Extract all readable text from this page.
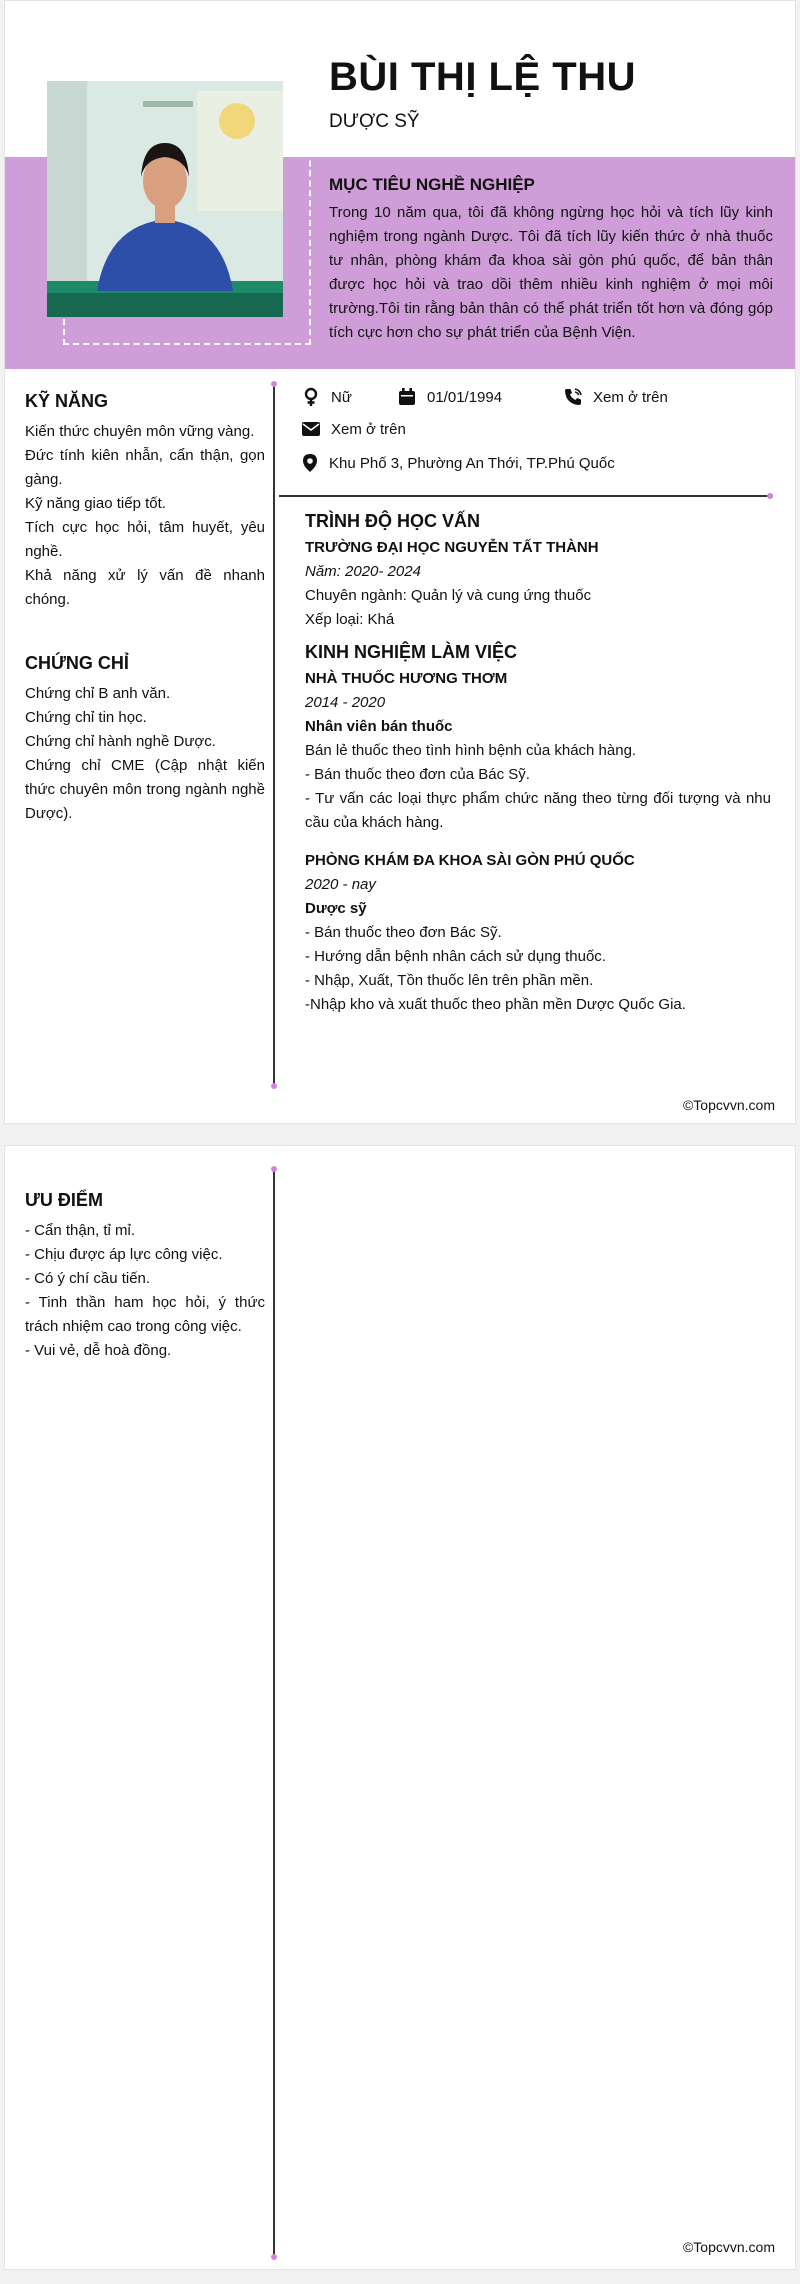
BÙI THỊ LỆ THU
DƯỢC SỸ
MỤC TIÊU NGHỀ NGHIỆP
Trong 10 năm qua, tôi đã không ngừng học hỏi và tích lũy kinh nghiệm trong ngành Dược. Tôi đã tích lũy kiến thức ở nhà thuốc tư nhân, phòng khám đa khoa sài gòn phú quốc, để bản thân được học hỏi và trao dồi thêm nhiều kinh nghiệm ở mọi môi trường.Tôi tin rằng bản thân có thể phát triển tốt hơn và đóng góp tích cực hơn cho sự phát triển của Bệnh Viện.
Nữ	01/01/1994	Xem ở trên
Xem ở trên
Khu Phố 3, Phường An Thới, TP.Phú Quốc
KỸ NĂNG
Kiến thức chuyên môn vững vàng.
Đức tính kiên nhẫn, cẩn thận, gọn gàng.
Kỹ năng giao tiếp tốt.
Tích cực học hỏi, tâm huyết, yêu nghề.
Khả năng xử lý vấn đề nhanh chóng.
CHỨNG CHỈ
Chứng chỉ B anh văn.
Chứng chỉ tin học.
Chứng chỉ hành nghề Dược.
Chứng chỉ CME (Cập nhật kiến thức chuyên môn trong ngành nghề Dược).
TRÌNH ĐỘ HỌC VẤN
TRƯỜNG ĐẠI HỌC NGUYỄN TẤT THÀNH
Năm: 2020- 2024
Chuyên ngành: Quản lý và cung ứng thuốc
Xếp loại: Khá
KINH NGHIỆM LÀM VIỆC
NHÀ THUỐC HƯƠNG THƠM
2014 - 2020
Nhân viên bán thuốc
Bán lẻ thuốc theo tình hình bệnh của khách hàng.
- Bán thuốc theo đơn của Bác Sỹ.
- Tư vấn các loại thực phẩm chức năng theo từng đối tượng và nhu cầu của khách hàng.
PHÒNG KHÁM ĐA KHOA SÀI GÒN PHÚ QUỐC
2020 - nay
Dược sỹ
- Bán thuốc theo đơn Bác Sỹ.
- Hướng dẫn bệnh nhân cách sử dụng thuốc.
- Nhập, Xuất, Tồn thuốc lên trên phần mền.
-Nhập kho và xuất thuốc theo phần mền Dược Quốc Gia.
©Topcvvn.com
ƯU ĐIỂM
- Cẩn thận, tỉ mỉ.
- Chịu được áp lực công việc.
- Có ý chí cầu tiến.
- Tinh thần ham học hỏi, ý thức trách nhiệm cao trong công việc.
- Vui vẻ, dễ hoà đồng.
©Topcvvn.com
